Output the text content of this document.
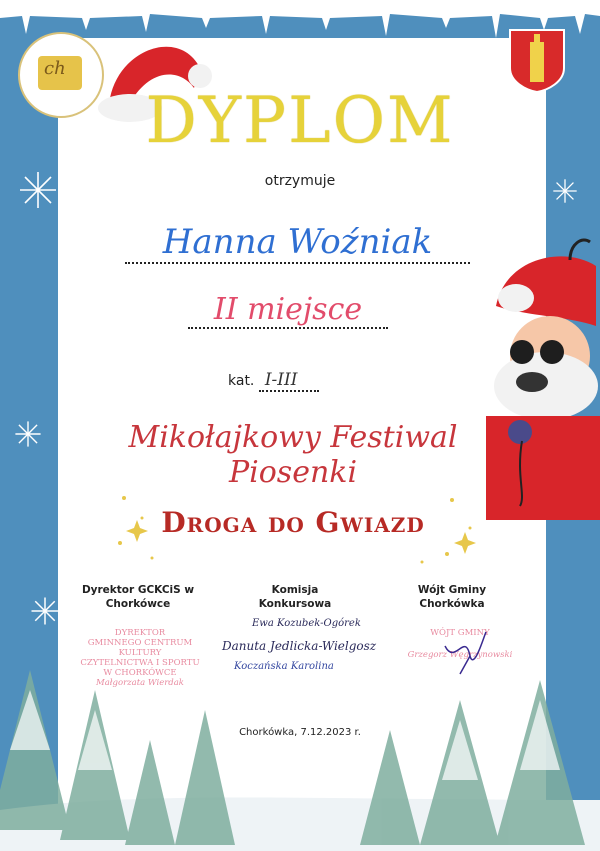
ch
DYPLOM
otrzymuje
Hanna Woźniak
II miejsce
kat. I-III
Mikołajkowy Festiwal Piosenki
Droga do Gwiazd
Dyrektor GCKCiS w Chorkówce
Komisja Konkursowa
Wójt Gminy Chorkówka
DYREKTOR
GMINNEGO CENTRUM KULTURY
CZYTELNICTWA I SPORTU
W CHORKÓWCE
Małgorzata Wierdak
Ewa Kozubek-Ogórek
Danuta Jedlicka-Wielgosz
Koczańska Karolina
WÓJT GMINY
Grzegorz Węgrzynowski
Chorkówka, 7.12.2023 r.
